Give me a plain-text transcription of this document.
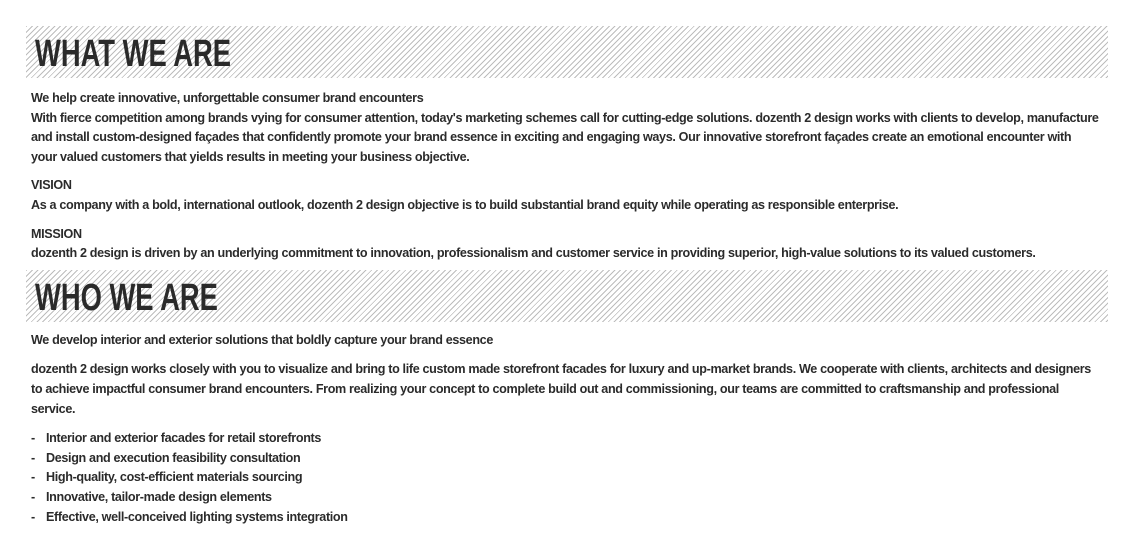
WHAT WE ARE

We help create innovative, unforgettable consumer brand encounters

With fierce competition among brands vying for consumer attention, today's marketing schemes call for cutting-edge solutions. dozenth 2 design works with clients to develop, manufacture and install custom-designed façades that confidently promote your brand essence in exciting and engaging ways. Our innovative storefront façades create an emotional encounter with your valued customers that yields results in meeting your business objective.

VISION

As a company with a bold, international outlook, dozenth 2 design objective is to build substantial brand equity while operating as responsible enterprise.

MISSION

dozenth 2 design is driven by an underlying commitment to innovation, professionalism and customer service in providing superior, high-value solutions to its valued customers.

WHO WE ARE

We develop interior and exterior solutions that boldly capture your brand essence

dozenth 2 design works closely with you to visualize and bring to life custom made storefront facades for luxury and up-market brands. We cooperate with clients, architects and designers to achieve impactful consumer brand encounters. From realizing your concept to complete build out and commissioning, our teams are committed to craftsmanship and professional service.

- Interior and exterior facades for retail storefronts
- Design and execution feasibility consultation
- High-quality, cost-efficient materials sourcing
- Innovative, tailor-made design elements
- Effective, well-conceived lighting systems integration
